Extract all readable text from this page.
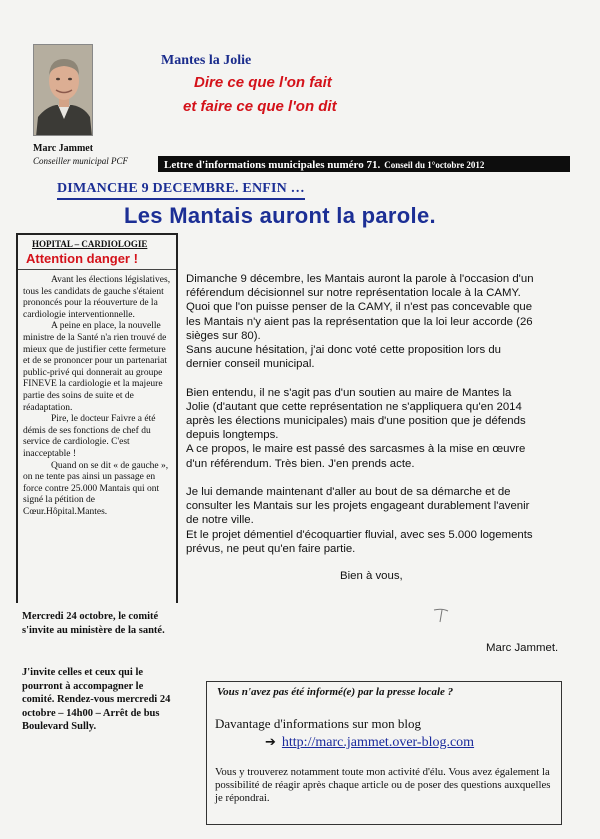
Marc Jammet
Conseiller municipal PCF
Mantes la Jolie
Dire ce que l'on fait
et faire ce que l'on dit
Lettre d'informations municipales numéro 71. Conseil du 1°octobre 2012
DIMANCHE 9 DECEMBRE. ENFIN …
Les Mantais auront la parole.
HOPITAL – CARDIOLOGIE
Attention danger !

Avant les élections législatives, tous les candidats de gauche s'étaient prononcés pour la réouverture de la cardiologie interventionnelle.

A peine en place, la nouvelle ministre de la Santé n'a rien trouvé de mieux que de justifier cette fermeture et de se prononcer pour un partenariat public-privé qui donnerait au groupe FINEVE la cardiologie et la majeure partie des soins de suite et de réadaptation.

Pire, le docteur Faivre a été démis de ses fonctions de chef du service de cardiologie. C'est inacceptable !

Quand on se dit « de gauche », on ne tente pas ainsi un passage en force contre 25.000 Mantais qui ont signé la pétition de Cœur.Hôpital.Mantes.

Mercredi 24 octobre, le comité s'invite au ministère de la santé.
J'invite celles et ceux qui le pourront à accompagner le comité. Rendez-vous mercredi 24 octobre – 14h00 – Arrêt de bus Boulevard Sully.

Dimanche 9 décembre, les Mantais auront la parole à l'occasion d'un
référendum décisionnel sur notre représentation locale à la CAMY.
Quoi que l'on puisse penser de la CAMY, il n'est pas concevable que
les Mantais n'y aient pas la représentation que la loi leur accorde (26
sièges sur 80).
Sans aucune hésitation, j'ai donc voté cette proposition lors du
dernier conseil municipal.

Bien entendu, il ne s'agit pas d'un soutien au maire de Mantes la
Jolie (d'autant que cette représentation ne s'appliquera qu'en 2014
après les élections municipales) mais d'une position que je défends
depuis longtemps.
A ce propos, le maire est passé des sarcasmes à la mise en œuvre
d'un référendum. Très bien. J'en prends acte.

Je lui demande maintenant d'aller au bout de sa démarche et de
consulter les Mantais sur les projets engageant durablement l'avenir
de notre ville.
Et le projet démentiel d'écoquartier fluvial, avec ses 5.000 logements
prévus, ne peut qu'en faire partie.

Bien à vous,
Marc Jammet.
Vous n'avez pas été informé(e) par la presse locale ?
Davantage d'informations sur mon blog
➔ http://marc.jammet.over-blog.com
Vous y trouverez notamment toute mon activité d'élu. Vous avez également la possibilité de réagir après chaque article ou de poser des questions auxquelles je répondrai.
